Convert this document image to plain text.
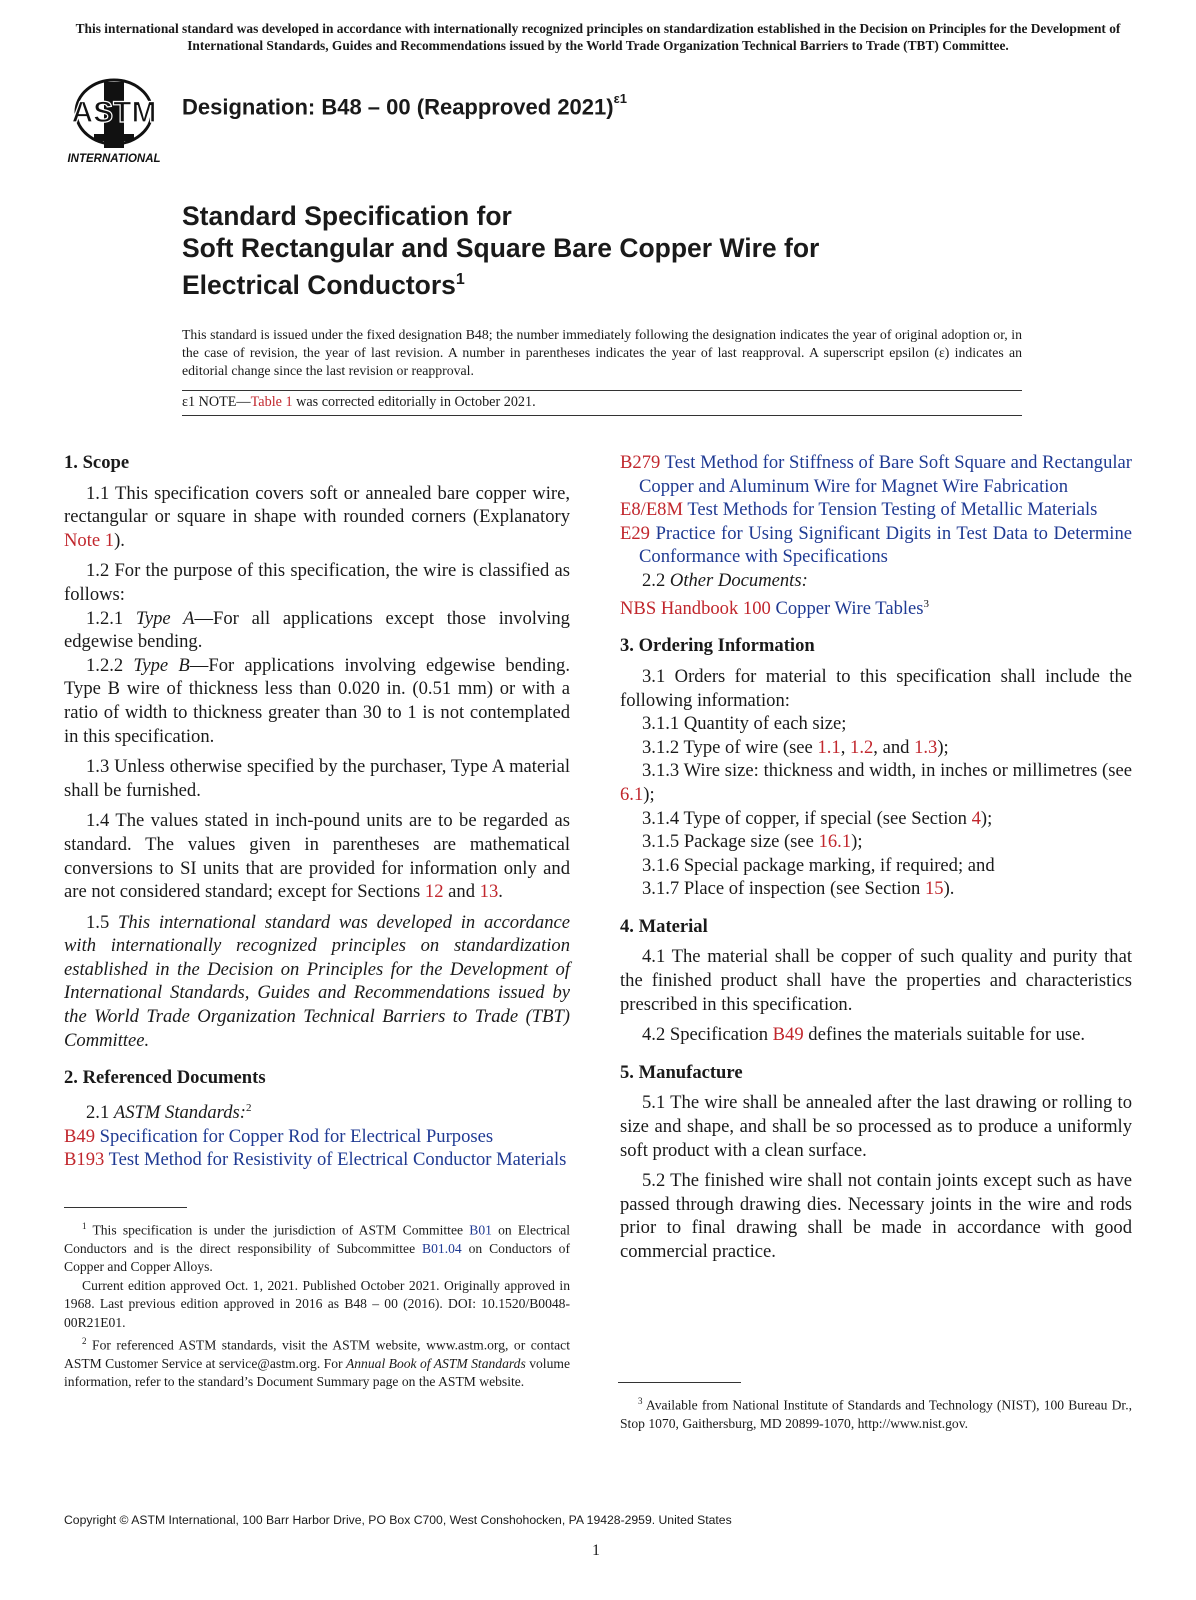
This international standard was developed in accordance with internationally recognized principles on standardization established in the Decision on Principles for the Development of International Standards, Guides and Recommendations issued by the World Trade Organization Technical Barriers to Trade (TBT) Committee.
ASTM
INTERNATIONAL
Designation: B48 – 00 (Reapproved 2021)$^{\varepsilon 1}$
Standard Specification for
Soft Rectangular and Square Bare Copper Wire for
Electrical Conductors$^1$
This standard is issued under the fixed designation B48; the number immediately following the designation indicates the year of original adoption or, in the case of revision, the year of last revision. A number in parentheses indicates the year of last reapproval. A superscript epsilon (ε) indicates an editorial change since the last revision or reapproval.
ε1 NOTE—Table 1 was corrected editorially in October 2021.

1. Scope

1.1 This specification covers soft or annealed bare copper wire, rectangular or square in shape with rounded corners (Explanatory Note 1).

1.2 For the purpose of this specification, the wire is classified as follows:

1.2.1 Type A—For all applications except those involving edgewise bending.

1.2.2 Type B—For applications involving edgewise bending. Type B wire of thickness less than 0.020 in. (0.51 mm) or with a ratio of width to thickness greater than 30 to 1 is not contemplated in this specification.

1.3 Unless otherwise specified by the purchaser, Type A material shall be furnished.

1.4 The values stated in inch-pound units are to be regarded as standard. The values given in parentheses are mathematical conversions to SI units that are provided for information only and are not considered standard; except for Sections 12 and 13.

1.5 This international standard was developed in accordance with internationally recognized principles on standardization established in the Decision on Principles for the Development of International Standards, Guides and Recommendations issued by the World Trade Organization Technical Barriers to Trade (TBT) Committee.

2. Referenced Documents

2.1 ASTM Standards:$^2$

B49 Specification for Copper Rod for Electrical Purposes

B193 Test Method for Resistivity of Electrical Conductor Materials

$^1$ This specification is under the jurisdiction of ASTM Committee B01 on Electrical Conductors and is the direct responsibility of Subcommittee B01.04 on Conductors of Copper and Copper Alloys.

Current edition approved Oct. 1, 2021. Published October 2021. Originally approved in 1968. Last previous edition approved in 2016 as B48 – 00 (2016). DOI: 10.1520/B0048-00R21E01.

$^2$ For referenced ASTM standards, visit the ASTM website, www.astm.org, or contact ASTM Customer Service at service@astm.org. For Annual Book of ASTM Standards volume information, refer to the standard’s Document Summary page on the ASTM website.

B279 Test Method for Stiffness of Bare Soft Square and Rectangular Copper and Aluminum Wire for Magnet Wire Fabrication

E8/E8M Test Methods for Tension Testing of Metallic Materials

E29 Practice for Using Significant Digits in Test Data to Determine Conformance with Specifications

2.2 Other Documents:

NBS Handbook 100 Copper Wire Tables$^3$

3. Ordering Information

3.1 Orders for material to this specification shall include the following information:

3.1.1 Quantity of each size;

3.1.2 Type of wire (see 1.1, 1.2, and 1.3);

3.1.3 Wire size: thickness and width, in inches or millimetres (see 6.1);

3.1.4 Type of copper, if special (see Section 4);

3.1.5 Package size (see 16.1);

3.1.6 Special package marking, if required; and

3.1.7 Place of inspection (see Section 15).

4. Material

4.1 The material shall be copper of such quality and purity that the finished product shall have the properties and characteristics prescribed in this specification.

4.2 Specification B49 defines the materials suitable for use.

5. Manufacture

5.1 The wire shall be annealed after the last drawing or rolling to size and shape, and shall be so processed as to produce a uniformly soft product with a clean surface.

5.2 The finished wire shall not contain joints except such as have passed through drawing dies. Necessary joints in the wire and rods prior to final drawing shall be made in accordance with good commercial practice.

$^3$ Available from National Institute of Standards and Technology (NIST), 100 Bureau Dr., Stop 1070, Gaithersburg, MD 20899-1070, http://www.nist.gov.

Copyright © ASTM International, 100 Barr Harbor Drive, PO Box C700, West Conshohocken, PA 19428-2959. United States
1
